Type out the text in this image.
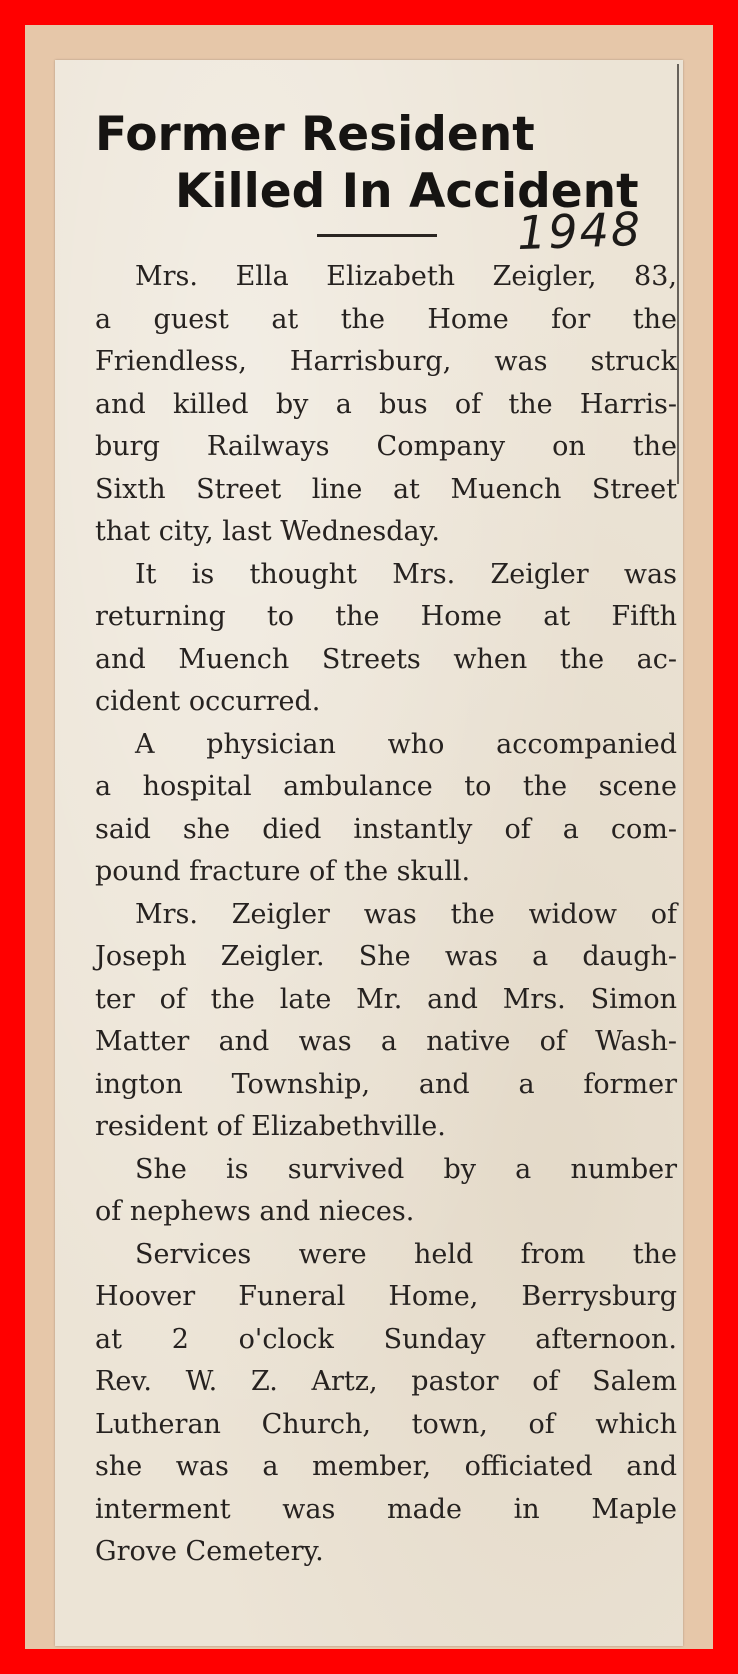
Former Resident
Killed In Accident
1948

Mrs. Ella Elizabeth Zeigler, 83,
a guest at the Home for the
Friendless, Harrisburg, was struck
and killed by a bus of the Harris-
burg Railways Company on the
Sixth Street line at Muench Street
that city, last Wednesday.

It is thought Mrs. Zeigler was
returning to the Home at Fifth
and Muench Streets when the ac-
cident occurred.

A physician who accompanied
a hospital ambulance to the scene
said she died instantly of a com-
pound fracture of the skull.

Mrs. Zeigler was the widow of
Joseph Zeigler. She was a daugh-
ter of the late Mr. and Mrs. Simon
Matter and was a native of Wash-
ington Township, and a former
resident of Elizabethville.

She is survived by a number
of nephews and nieces.

Services were held from the
Hoover Funeral Home, Berrysburg
at 2 o'clock Sunday afternoon.
Rev. W. Z. Artz, pastor of Salem
Lutheran Church, town, of which
she was a member, officiated and
interment was made in Maple
Grove Cemetery.
